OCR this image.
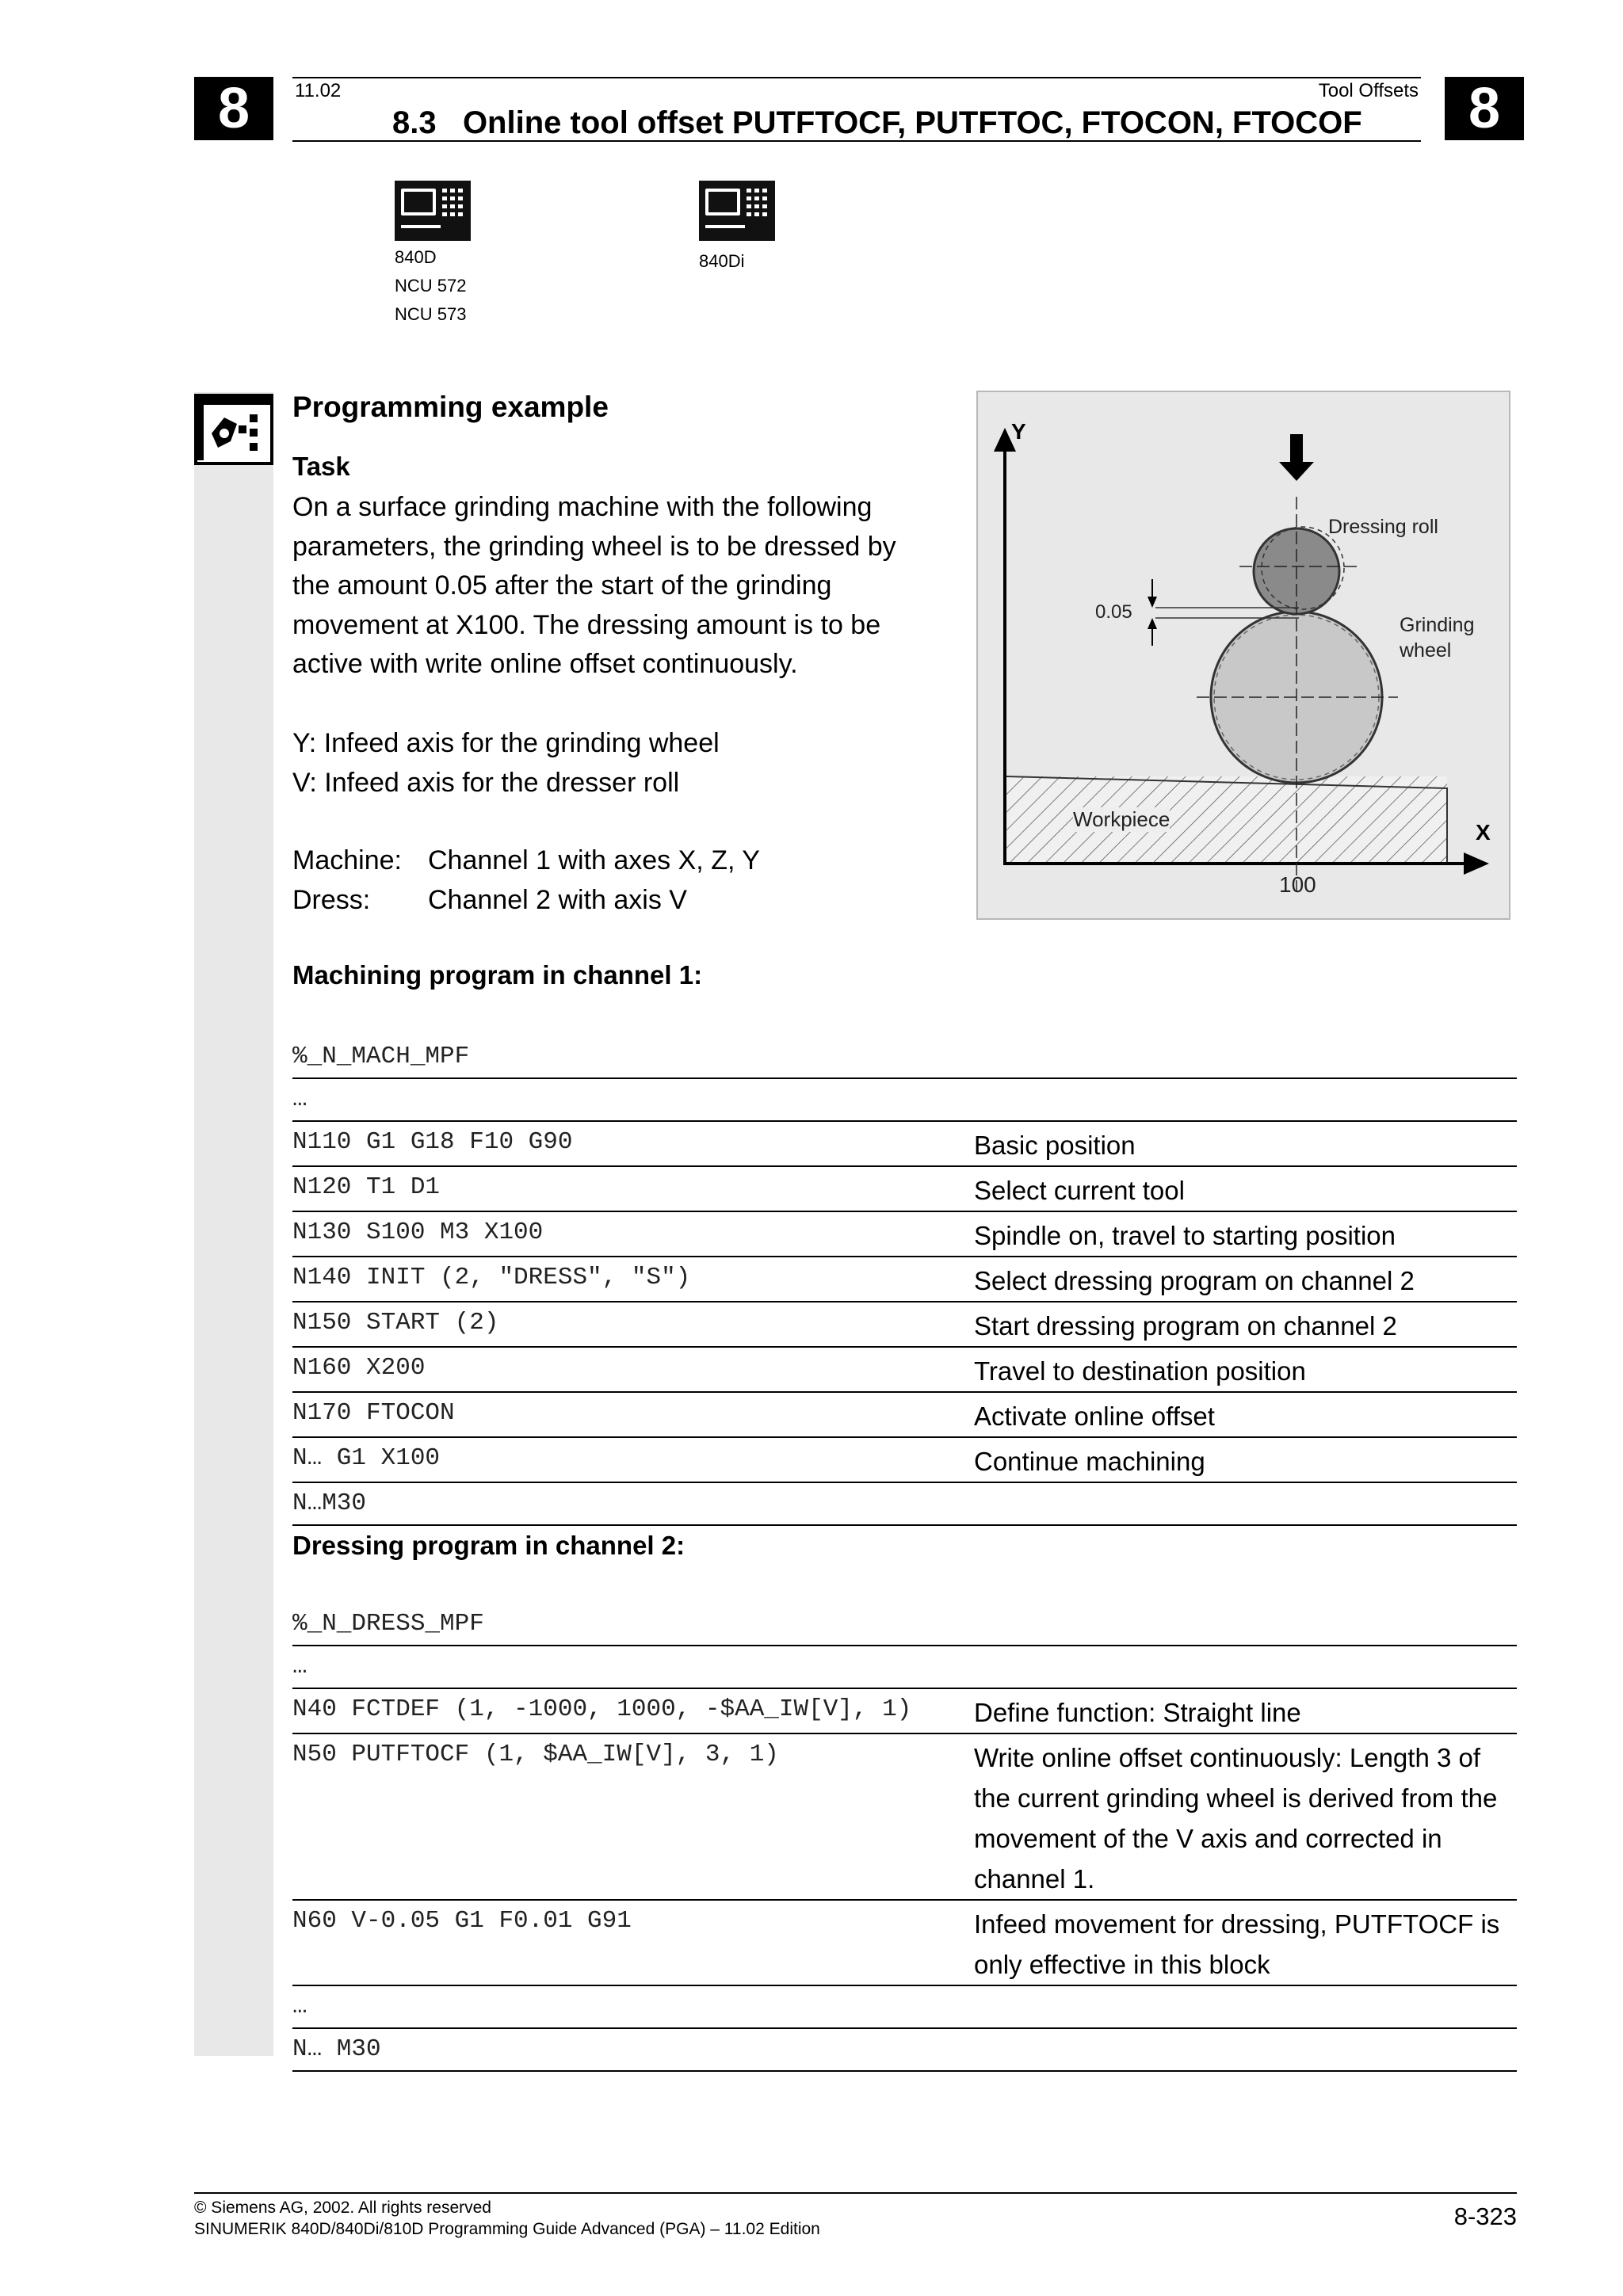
8	8
11.02	Tool Offsets
8.3   Online tool offset PUTFTOCF, PUTFTOC, FTOCON, FTOCOF
840D
NCU 572
NCU 573
840Di
Programming example
Task
On a surface grinding machine with the following
parameters, the grinding wheel is to be dressed by
the amount 0.05 after the start of the grinding
movement at X100. The dressing amount is to be
active with write online offset continuously.
Y: Infeed axis for the grinding wheel
V: Infeed axis for the dresser roll
Machine: Channel 1 with axes X, Z, Y
Dress: Channel 2 with axis V
Y
X
Dressing roll
Grinding
wheel
0.05
Workpiece
100
Machining program in channel 1:
%_N_MACH_MPF	
…	
N110 G1 G18 F10 G90	Basic position
N120 T1 D1	Select current tool
N130 S100 M3 X100	Spindle on, travel to starting position
N140 INIT (2, "DRESS", "S")	Select dressing program on channel 2
N150 START (2)	Start dressing program on channel 2
N160 X200	Travel to destination position
N170 FTOCON	Activate online offset
N… G1 X100	Continue machining
N…M30	
Dressing program in channel 2:
%_N_DRESS_MPF	
…	
N40 FCTDEF (1, -1000, 1000, -$AA_IW[V], 1)	Define function: Straight line
N50 PUTFTOCF (1, $AA_IW[V], 3, 1)	Write online offset continuously: Length 3 of the current grinding wheel is derived from the movement of the V axis and corrected in channel 1.
N60 V-0.05 G1 F0.01 G91	Infeed movement for dressing, PUTFTOCF is only effective in this block
…	
N… M30	
© Siemens AG, 2002. All rights reserved
SINUMERIK 840D/840Di/810D Programming Guide Advanced (PGA) – 11.02 Edition	8-323
